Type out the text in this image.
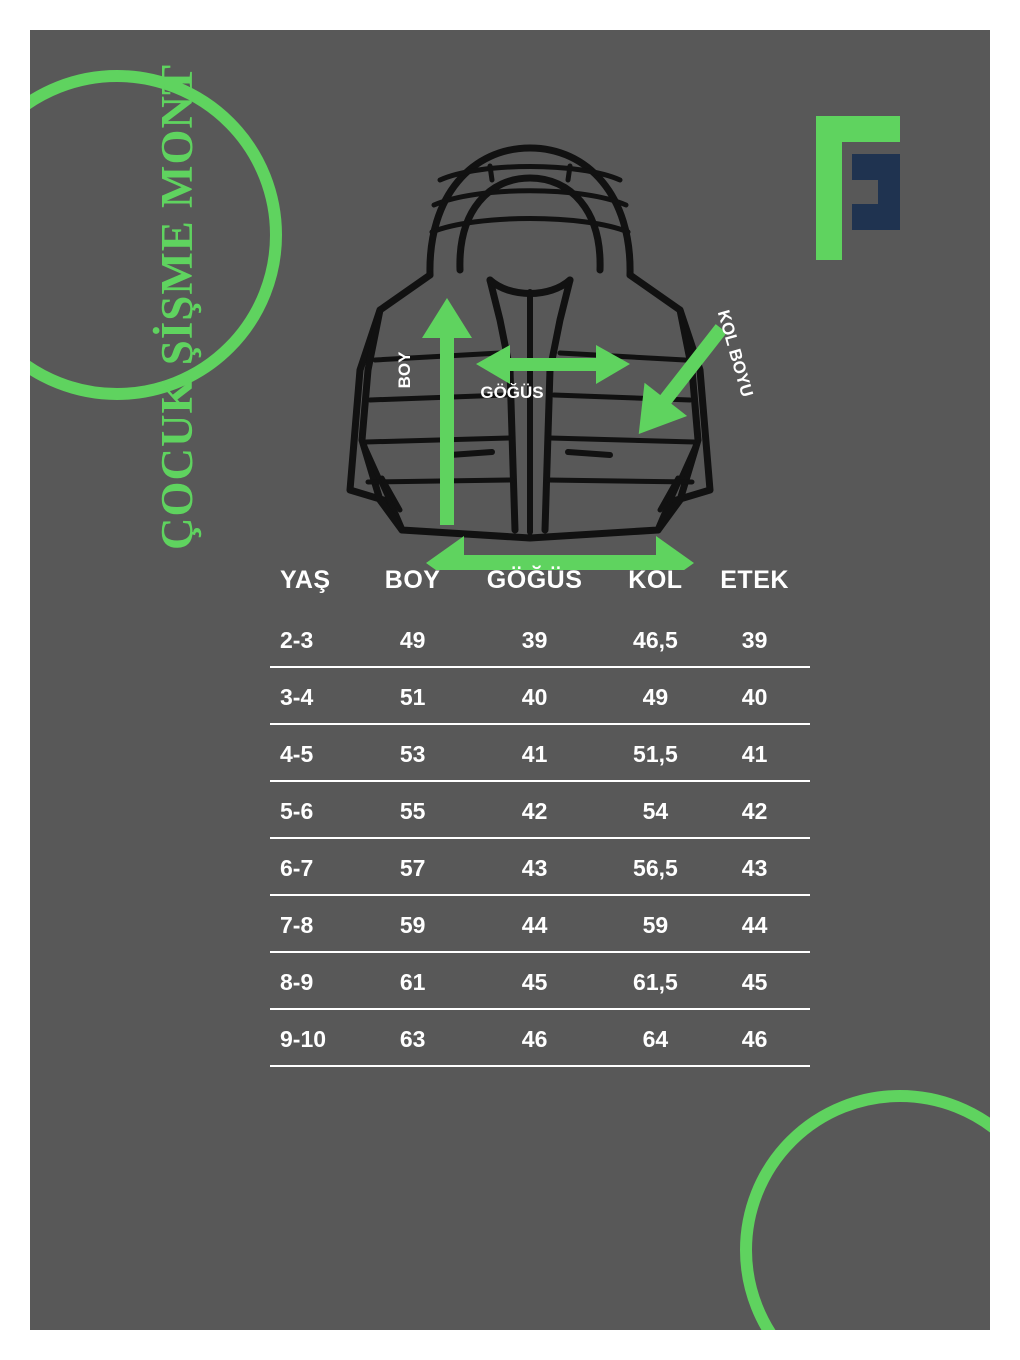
BOY
GÖĞÜS	KOL BOYU
ÇOCUK ŞİŞME MONT
YAŞ	BOY	GÖĞÜS	KOL	ETEK
2-3	49	39	46,5	39
3-4	51	40	49	40
4-5	53	41	51,5	41
5-6	55	42	54	42
6-7	57	43	56,5	43
7-8	59	44	59	44
8-9	61	45	61,5	45
9-10	63	46	64	46
